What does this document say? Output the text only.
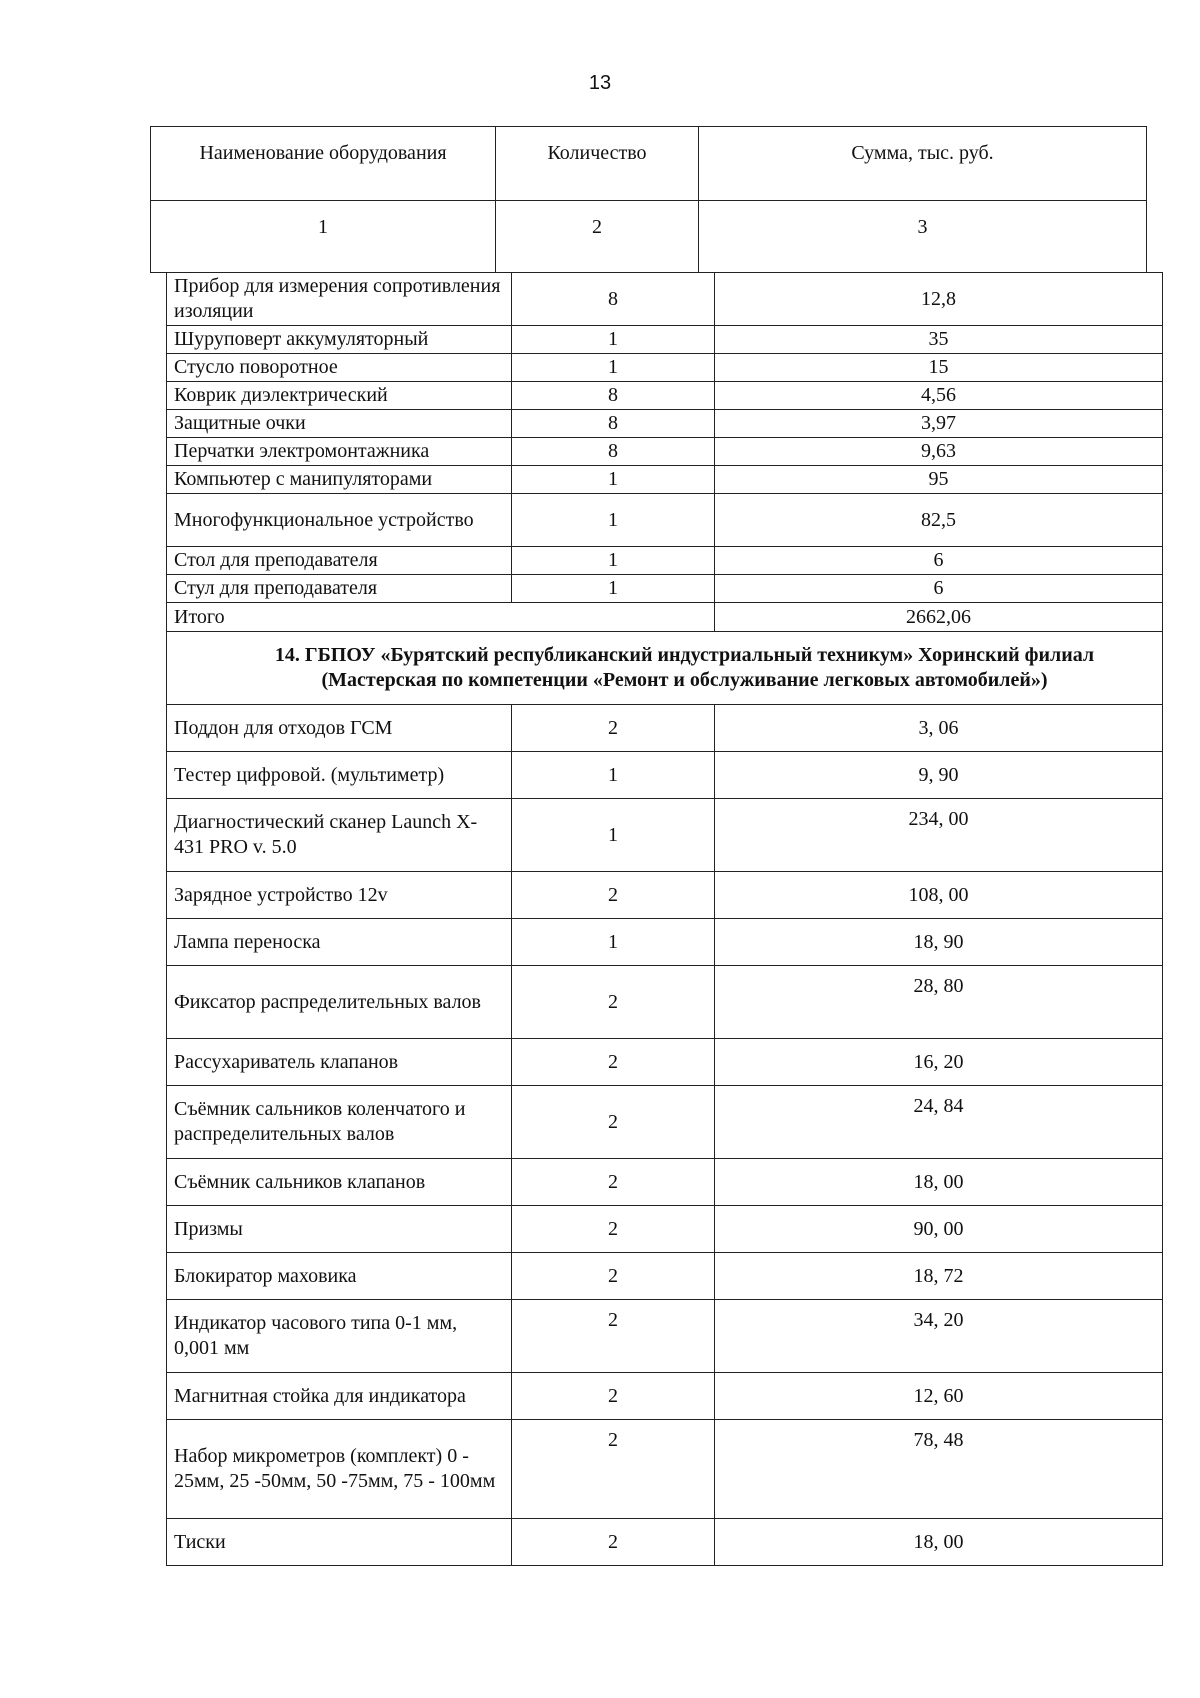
13
Наименование оборудования	Количество	Сумма, тыс. руб.
1	2	3
Прибор для измерения сопротивления изоляции	8	12,8
Шуруповерт аккумуляторный	1	35
Стусло поворотное	1	15
Коврик диэлектрический	8	4,56
Защитные очки	8	3,97
Перчатки электромонтажника	8	9,63
Компьютер с манипуляторами	1	95
Многофункциональное устройство	1	82,5
Стол для преподавателя	1	6
Стул для преподавателя	1	6
Итого		2662,06
14. ГБПОУ «Бурятский республиканский индустриальный техникум» Хоринский филиал (Мастерская по компетенции «Ремонт и обслуживание легковых автомобилей»)		
Поддон для отходов ГСМ	2	3, 06
Тестер цифровой. (мультиметр)	1	9, 90
Диагностический сканер Launch X-431 PRO v. 5.0	1	234, 00
Зарядное устройство 12v	2	108, 00
Лампа переноска	1	18, 90
Фиксатор распределительных валов	2	28, 80
Рассухариватель клапанов	2	16, 20
Съёмник сальников коленчатого и распределительных валов	2	24, 84
Съёмник сальников клапанов	2	18, 00
Призмы	2	90, 00
Блокиратор маховика	2	18, 72
Индикатор часового типа 0-1 мм, 0,001 мм	2	34, 20
Магнитная стойка для индикатора	2	12, 60
Набор микрометров (комплект) 0 - 25мм, 25 -50мм, 50 -75мм, 75 - 100мм	2	78, 48
Тиски	2	18, 00
